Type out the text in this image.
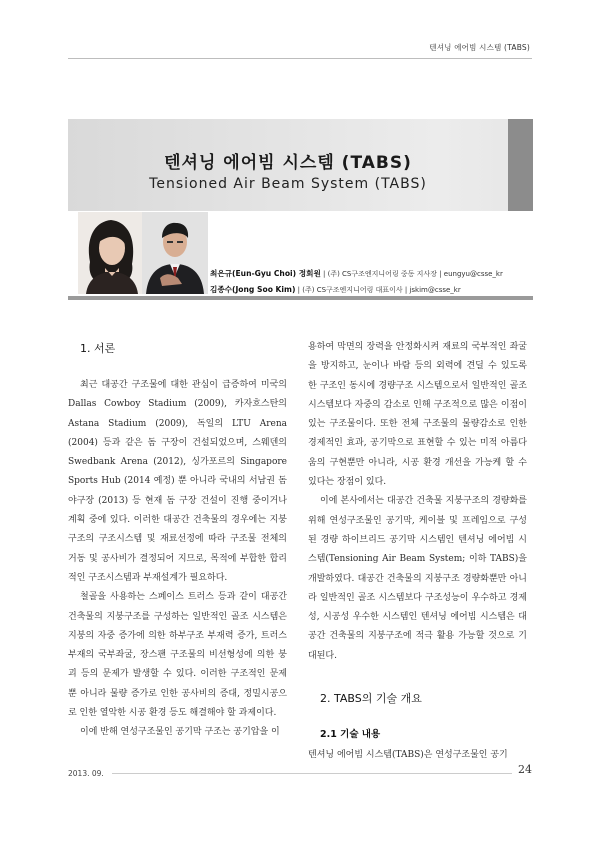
텐셔닝 에어빔 시스템 (TABS)
텐셔닝 에어빔 시스템 (TABS)
Tensioned Air Beam System (TABS)
최은규(Eun-Gyu Choi) 정회원 | (주) CS구조엔지니어링 중동 지사장 | eungyu@csse_kr
김종수(Jong Soo Kim) | (주) CS구조엔지니어링 대표이사 | jskim@csse_kr
1. 서론

최근 대공간 구조물에 대한 관심이 급증하여 미국의 Dallas Cowboy Stadium (2009), 카자흐스탄의 Astana Stadium (2009), 독일의 LTU Arena (2004) 등과 같은 돔 구장이 건설되었으며, 스웨덴의 Swedbank Arena (2012), 싱가포르의 Singapore Sports Hub (2014 예정) 뿐 아니라 국내의 서남권 돔 야구장 (2013) 등 현재 돔 구장 건설이 진행 중이거나 계획 중에 있다. 이러한 대공간 건축물의 경우에는 지붕구조의 구조시스템 및 재료선정에 따라 구조물 전체의 거동 및 공사비가 결정되어 지므로, 목적에 부합한 합리적인 구조시스템과 부재설계가 필요하다.

철골을 사용하는 스페이스 트러스 등과 같이 대공간 건축물의 지붕구조를 구성하는 일반적인 골조 시스템은 지붕의 자중 증가에 의한 하부구조 부재력 증가, 트러스 부재의 국부좌굴, 장스팬 구조물의 비선형성에 의한 붕괴 등의 문제가 발생할 수 있다. 이러한 구조적인 문제 뿐 아니라 물량 증가로 인한 공사비의 증대, 정밀시공으로 인한 열악한 시공 환경 등도 해결해야 할 과제이다.

이에 반해 연성구조물인 공기막 구조는 공기압을 이

용하여 막면의 장력을 안정화시켜 재료의 국부적인 좌굴을 방지하고, 눈이나 바람 등의 외력에 견딜 수 있도록 한 구조인 동시에 경량구조 시스템으로서 일반적인 골조 시스템보다 자중의 감소로 인해 구조적으로 많은 이점이 있는 구조물이다. 또한 전체 구조물의 물량감소로 인한 경제적인 효과, 공기막으로 표현할 수 있는 미적 아름다움의 구현뿐만 아니라, 시공 환경 개선을 가능케 할 수 있다는 장점이 있다.

이에 본사에서는 대공간 건축물 지붕구조의 경량화를 위해 연성구조물인 공기막, 케이블 및 프레임으로 구성된 경량 하이브리드 공기막 시스템인 텐셔닝 에어빔 시스템(Tensioning Air Beam System; 이하 TABS)을 개발하였다. 대공간 건축물의 지붕구조 경량화뿐만 아니라 일반적인 골조 시스템보다 구조성능이 우수하고 경제성, 시공성 우수한 시스템인 텐셔닝 에어빔 시스템은 대공간 건축물의 지붕구조에 적극 활용 가능할 것으로 기대된다.

2. TABS의 기술 개요
2.1 기술 내용

텐셔닝 에어빔 시스템(TABS)은 연성구조물인 공기

2013. 09.	24
